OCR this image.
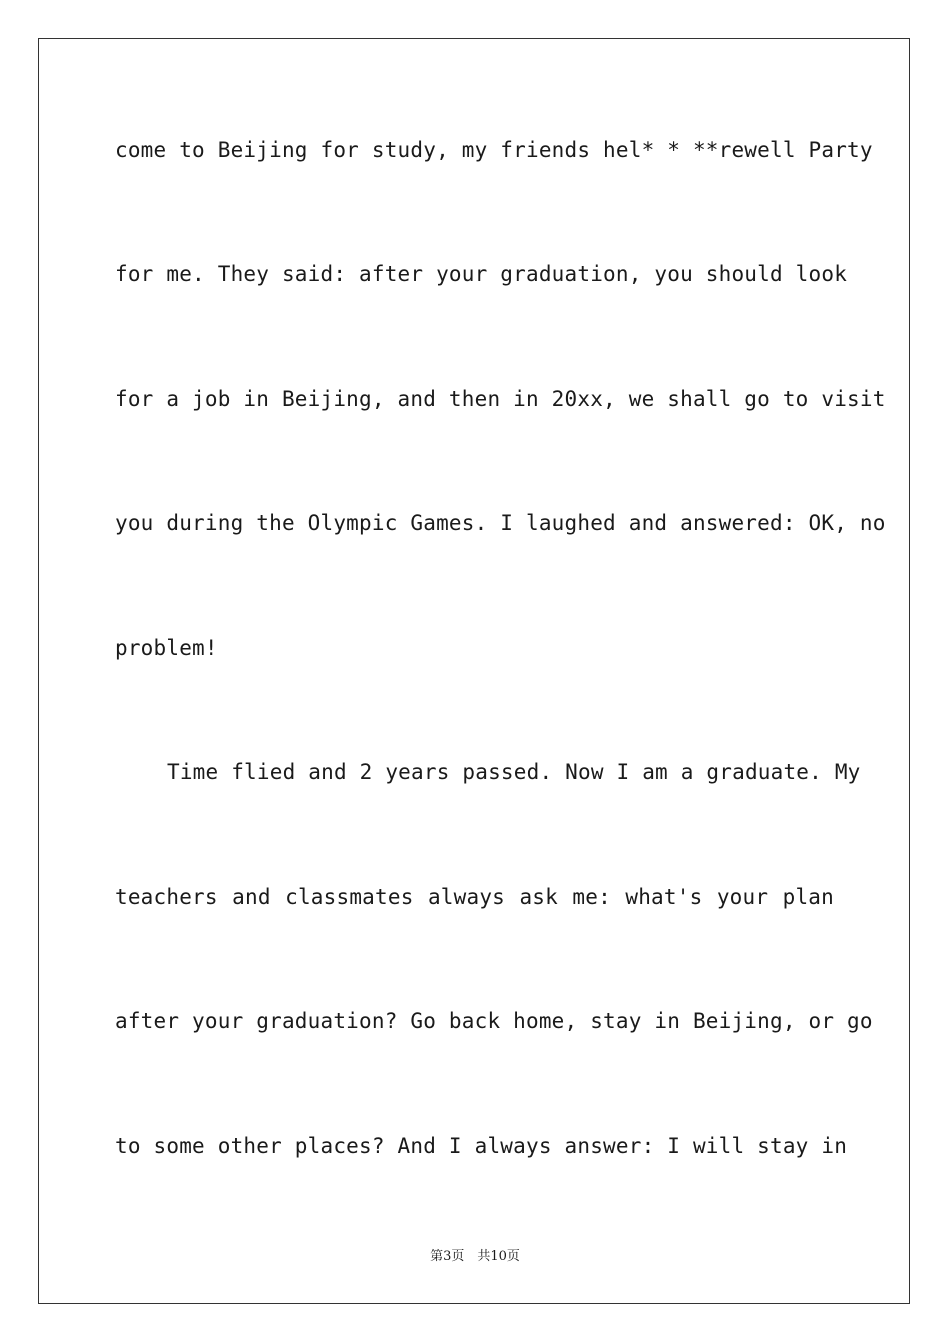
come to Beijing for study, my friends hel* * **rewell Party
for me. They said: after your graduation, you should look
for a job in Beijing, and then in 20xx, we shall go to visit
you during the Olympic Games. I laughed and answered: OK, no
problem!
Time flied and 2 years passed. Now I am a graduate. My
teachers and classmates always ask me: what's your plan
after your graduation? Go back home, stay in Beijing, or go
to some other places? And I always answer: I will stay in
第3页　共10页
